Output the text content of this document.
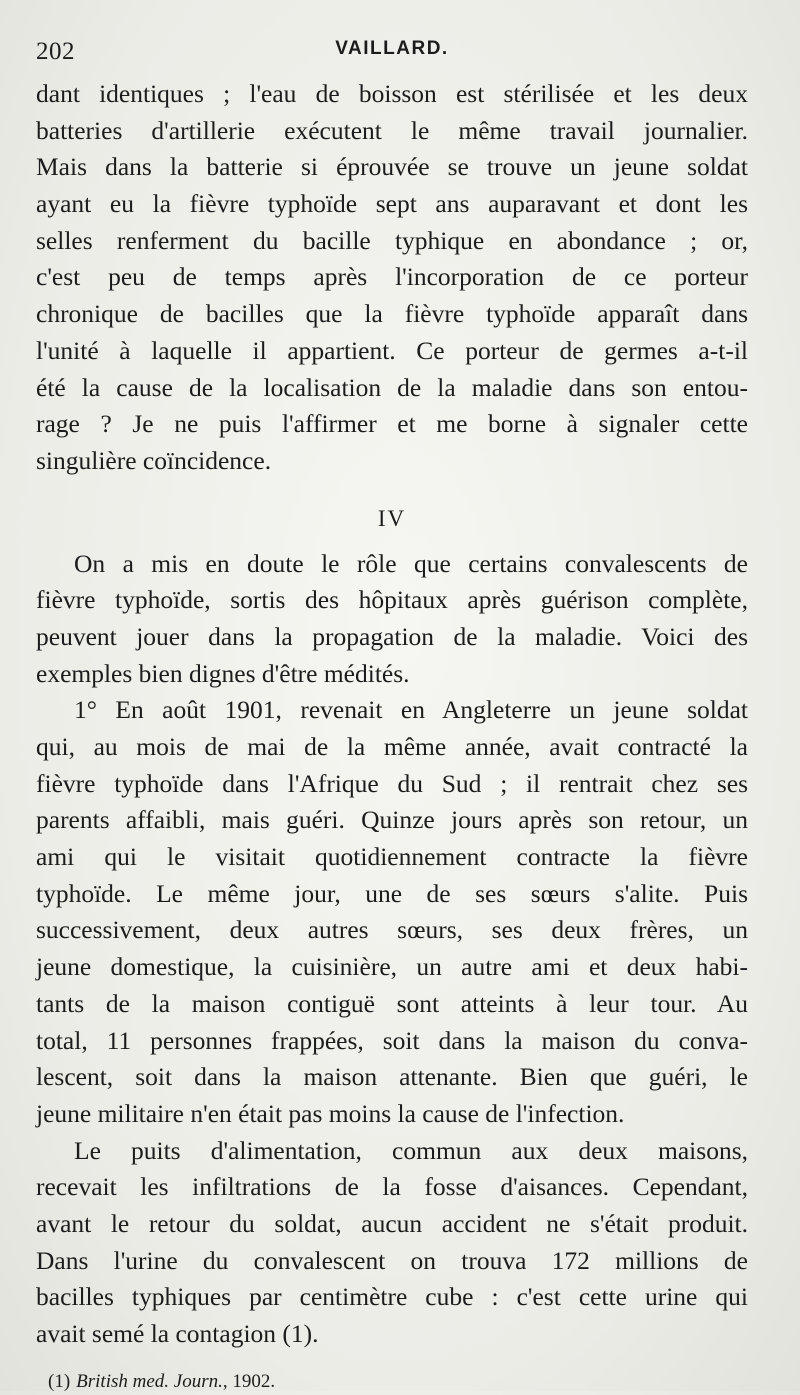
202	VAILLARD.
dant identiques ; l'eau de boisson est stérilisée et les deux
batteries d'artillerie exécutent le même travail journalier.
Mais dans la batterie si éprouvée se trouve un jeune soldat
ayant eu la fièvre typhoïde sept ans auparavant et dont les
selles renferment du bacille typhique en abondance ; or,
c'est peu de temps après l'incorporation de ce porteur
chronique de bacilles que la fièvre typhoïde apparaît dans
l'unité à laquelle il appartient. Ce porteur de germes a-t-il
été la cause de la localisation de la maladie dans son entou-
rage ? Je ne puis l'affirmer et me borne à signaler cette
singulière coïncidence.
IV
On a mis en doute le rôle que certains convalescents de
fièvre typhoïde, sortis des hôpitaux après guérison complète,
peuvent jouer dans la propagation de la maladie. Voici des
exemples bien dignes d'être médités.
1° En août 1901, revenait en Angleterre un jeune soldat
qui, au mois de mai de la même année, avait contracté la
fièvre typhoïde dans l'Afrique du Sud ; il rentrait chez ses
parents affaibli, mais guéri. Quinze jours après son retour, un
ami qui le visitait quotidiennement contracte la fièvre
typhoïde. Le même jour, une de ses sœurs s'alite. Puis
successivement, deux autres sœurs, ses deux frères, un
jeune domestique, la cuisinière, un autre ami et deux habi-
tants de la maison contiguë sont atteints à leur tour. Au
total, 11 personnes frappées, soit dans la maison du conva-
lescent, soit dans la maison attenante. Bien que guéri, le
jeune militaire n'en était pas moins la cause de l'infection.
Le puits d'alimentation, commun aux deux maisons,
recevait les infiltrations de la fosse d'aisances. Cependant,
avant le retour du soldat, aucun accident ne s'était produit.
Dans l'urine du convalescent on trouva 172 millions de
bacilles typhiques par centimètre cube : c'est cette urine qui
avait semé la contagion (1).
(1) British med. Journ., 1902.
